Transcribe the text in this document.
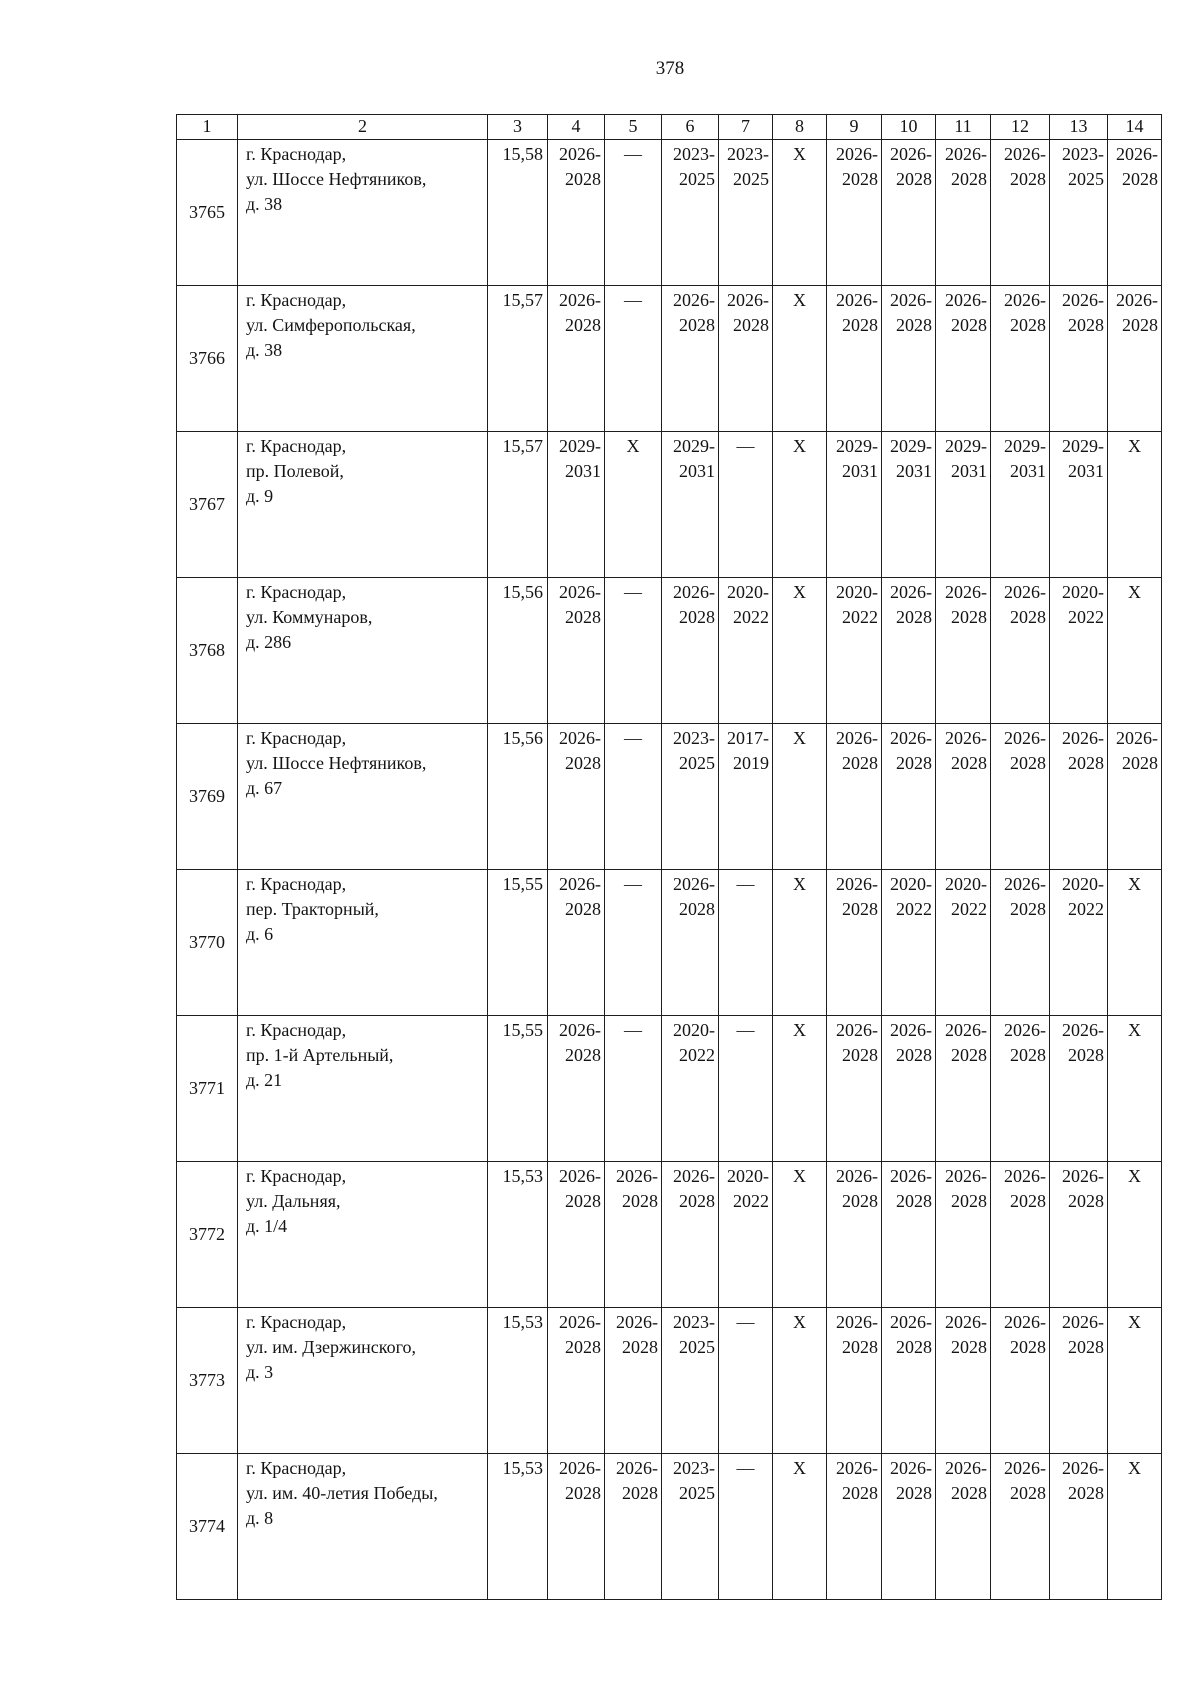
378
1	2	3	4	5	6	7	8	9	10	11	12	13	14
3765	г. Краснодар,
ул. Шоссе Нефтяников,
д. 38	15,58	2026-
2028	—	2023-
2025	2023-
2025	X	2026-
2028	2026-
2028	2026-
2028	2026-
2028	2023-
2025	2026-
2028

3766	г. Краснодар,
ул. Симферопольская,
д. 38	15,57	2026-
2028	—	2026-
2028	2026-
2028	X	2026-
2028	2026-
2028	2026-
2028	2026-
2028	2026-
2028	2026-
2028

3767	г. Краснодар,
пр. Полевой,
д. 9	15,57	2029-
2031	X	2029-
2031	—	X	2029-
2031	2029-
2031	2029-
2031	2029-
2031	2029-
2031	X
3768	г. Краснодар,
ул. Коммунаров,
д. 286	15,56	2026-
2028	—	2026-
2028	2020-
2022	X	2020-
2022	2026-
2028	2026-
2028	2026-
2028	2020-
2022	X
3769	г. Краснодар,
ул. Шоссе Нефтяников,
д. 67	15,56	2026-
2028	—	2023-
2025	2017-
2019	X	2026-
2028	2026-
2028	2026-
2028	2026-
2028	2026-
2028	2026-
2028

3770	г. Краснодар,
пер. Тракторный,
д. 6	15,55	2026-
2028	—	2026-
2028	—	X	2026-
2028	2020-
2022	2020-
2022	2026-
2028	2020-
2022	X
3771	г. Краснодар,
пр. 1-й Артельный,
д. 21	15,55	2026-
2028	—	2020-
2022	—	X	2026-
2028	2026-
2028	2026-
2028	2026-
2028	2026-
2028	X
3772	г. Краснодар,
ул. Дальняя,
д. 1/4	15,53	2026-
2028	2026-
2028	2026-
2028	2020-
2022	X	2026-
2028	2026-
2028	2026-
2028	2026-
2028	2026-
2028	X
3773	г. Краснодар,
ул. им. Дзержинского,
д. 3	15,53	2026-
2028	2026-
2028	2023-
2025	—	X	2026-
2028	2026-
2028	2026-
2028	2026-
2028	2026-
2028	X
3774	г. Краснодар,
ул. им. 40-летия Победы,
д. 8	15,53	2026-
2028	2026-
2028	2023-
2025	—	X	2026-
2028	2026-
2028	2026-
2028	2026-
2028	2026-
2028	X
